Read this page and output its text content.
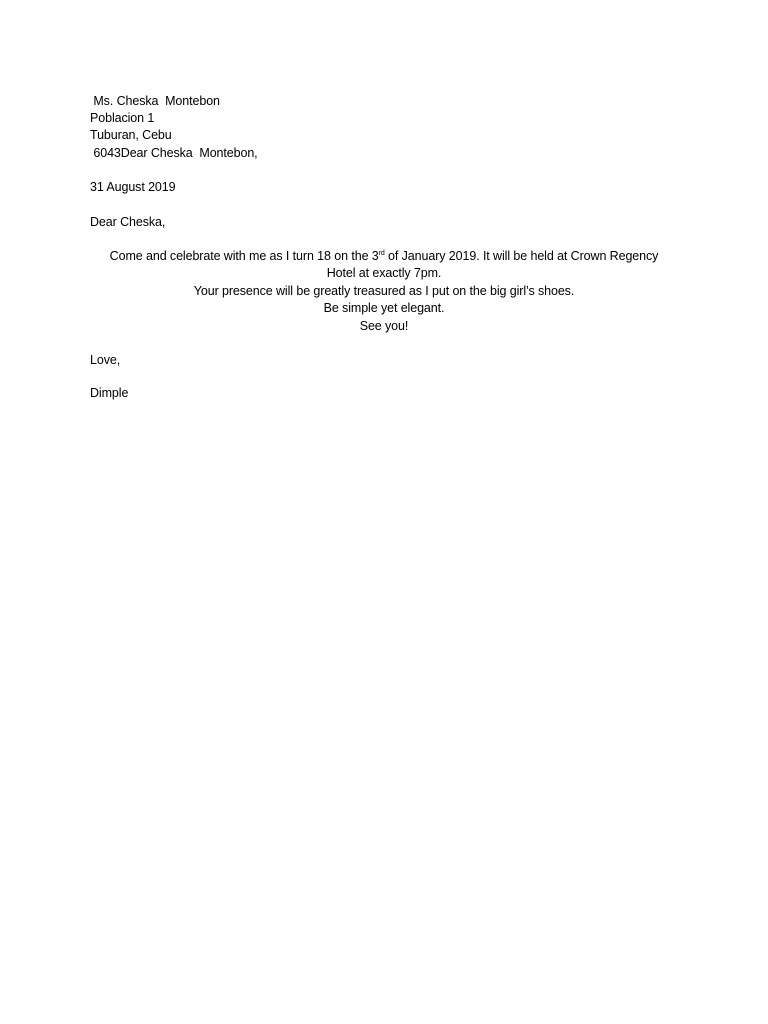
Ms. Cheska  Montebon
Poblacion 1
Tuburan, Cebu
6043Dear Cheska  Montebon,
31 August 2019
Dear Cheska,
Come and celebrate with me as I turn 18 on the 3rd of January 2019. It will be held at Crown Regency
Hotel at exactly 7pm.
Your presence will be greatly treasured as I put on the big girl’s shoes.
Be simple yet elegant.
See you!
Love,
Dimple
